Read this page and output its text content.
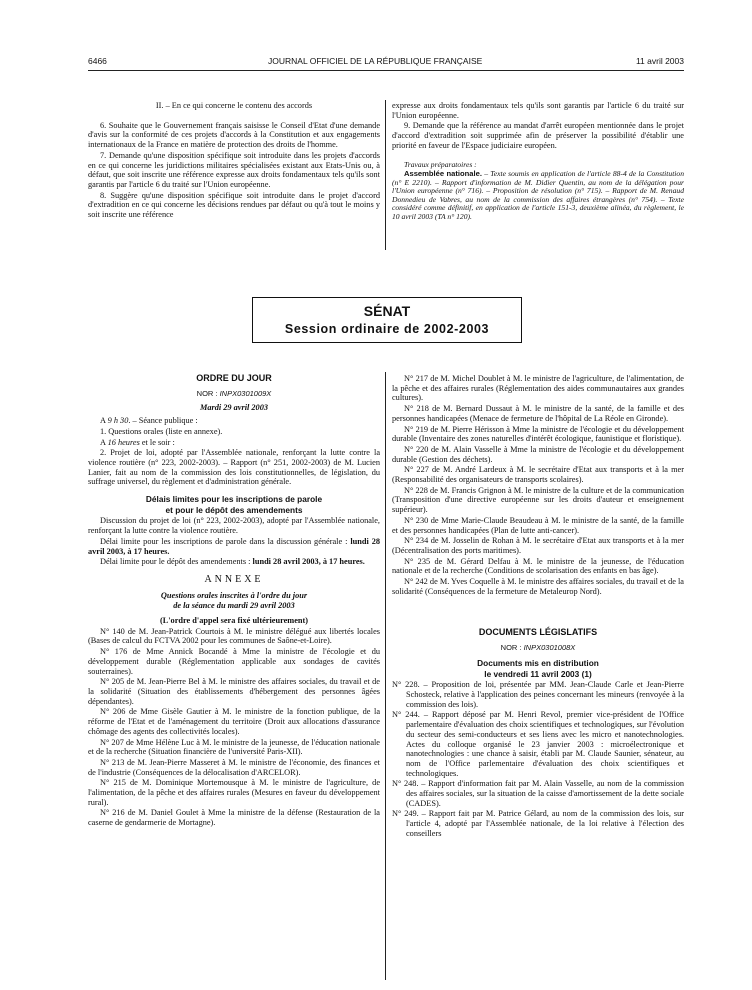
6466	JOURNAL OFFICIEL DE LA RÉPUBLIQUE FRANÇAISE	11 avril 2003

II. – En ce qui concerne le contenu des accords

6. Souhaite que le Gouvernement français saisisse le Conseil d'Etat d'une demande d'avis sur la conformité de ces projets d'accords à la Constitution et aux engagements internationaux de la France en matière de protection des droits de l'homme.

7. Demande qu'une disposition spécifique soit introduite dans les projets d'accords en ce qui concerne les juridictions militaires spécialisées existant aux Etats-Unis ou, à défaut, que soit inscrite une référence expresse aux droits fondamentaux tels qu'ils sont garantis par l'article 6 du traité sur l'Union européenne.

8. Suggère qu'une disposition spécifique soit introduite dans le projet d'accord d'extradition en ce qui concerne les décisions rendues par défaut ou qu'à tout le moins y soit inscrite une référence

expresse aux droits fondamentaux tels qu'ils sont garantis par l'article 6 du traité sur l'Union européenne.

9. Demande que la référence au mandat d'arrêt européen mentionnée dans le projet d'accord d'extradition soit supprimée afin de préserver la possibilité d'établir une priorité en faveur de l'Espace judiciaire européen.

Travaux préparatoires :

Assemblée nationale. – Texte soumis en application de l'article 88-4 de la Constitution (n° E 2210). – Rapport d'information de M. Didier Quentin, au nom de la délégation pour l'Union européenne (n° 716). – Proposition de résolution (n° 715). – Rapport de M. Renaud Donnedieu de Vabres, au nom de la commission des affaires étrangères (n° 754). – Texte considéré comme définitif, en application de l'article 151-3, deuxième alinéa, du règlement, le 10 avril 2003 (TA n° 120).

SÉNAT
Session ordinaire de 2002-2003

ORDRE DU JOUR

NOR : INPX0301009X

Mardi 29 avril 2003

A 9 h 30. – Séance publique :

1. Questions orales (liste en annexe).

A 16 heures et le soir :

2. Projet de loi, adopté par l'Assemblée nationale, renforçant la lutte contre la violence routière (n° 223, 2002-2003). – Rapport (n° 251, 2002-2003) de M. Lucien Lanier, fait au nom de la commission des lois constitutionnelles, de législation, du suffrage universel, du règlement et d'administration générale.

Délais limites pour les inscriptions de parole

et pour le dépôt des amendements

Discussion du projet de loi (n° 223, 2002-2003), adopté par l'Assemblée nationale, renforçant la lutte contre la violence routière.

Délai limite pour les inscriptions de parole dans la discussion générale : lundi 28 avril 2003, à 17 heures.

Délai limite pour le dépôt des amendements : lundi 28 avril 2003, à 17 heures.

ANNEXE

Questions orales inscrites à l'ordre du jour

de la séance du mardi 29 avril 2003

(L'ordre d'appel sera fixé ultérieurement)

N° 140 de M. Jean-Patrick Courtois à M. le ministre délégué aux libertés locales (Bases de calcul du FCTVA 2002 pour les communes de Saône-et-Loire).

N° 176 de Mme Annick Bocandé à Mme la ministre de l'écologie et du développement durable (Réglementation applicable aux sondages de cavités souterraines).

N° 205 de M. Jean-Pierre Bel à M. le ministre des affaires sociales, du travail et de la solidarité (Situation des établissements d'hébergement des personnes âgées dépendantes).

N° 206 de Mme Gisèle Gautier à M. le ministre de la fonction publique, de la réforme de l'Etat et de l'aménagement du territoire (Droit aux allocations d'assurance chômage des agents des collectivités locales).

N° 207 de Mme Hélène Luc à M. le ministre de la jeunesse, de l'éducation nationale et de la recherche (Situation financière de l'université Paris-XII).

N° 213 de M. Jean-Pierre Masseret à M. le ministre de l'économie, des finances et de l'industrie (Conséquences de la délocalisation d'ARCELOR).

N° 215 de M. Dominique Mortemousque à M. le ministre de l'agriculture, de l'alimentation, de la pêche et des affaires rurales (Mesures en faveur du développement rural).

N° 216 de M. Daniel Goulet à Mme la ministre de la défense (Restauration de la caserne de gendarmerie de Mortagne).

N° 217 de M. Michel Doublet à M. le ministre de l'agriculture, de l'alimentation, de la pêche et des affaires rurales (Réglementation des aides communautaires aux grandes cultures).

N° 218 de M. Bernard Dussaut à M. le ministre de la santé, de la famille et des personnes handicapées (Menace de fermeture de l'hôpital de La Réole en Gironde).

N° 219 de M. Pierre Hérisson à Mme la ministre de l'écologie et du développement durable (Inventaire des zones naturelles d'intérêt écologique, faunistique et floristique).

N° 220 de M. Alain Vasselle à Mme la ministre de l'écologie et du développement durable (Gestion des déchets).

N° 227 de M. André Lardeux à M. le secrétaire d'Etat aux transports et à la mer (Responsabilité des organisateurs de transports scolaires).

N° 228 de M. Francis Grignon à M. le ministre de la culture et de la communication (Transposition d'une directive européenne sur les droits d'auteur et enseignement supérieur).

N° 230 de Mme Marie-Claude Beaudeau à M. le ministre de la santé, de la famille et des personnes handicapées (Plan de lutte anti-cancer).

N° 234 de M. Josselin de Rohan à M. le secrétaire d'Etat aux transports et à la mer (Décentralisation des ports maritimes).

N° 235 de M. Gérard Delfau à M. le ministre de la jeunesse, de l'éducation nationale et de la recherche (Conditions de scolarisation des enfants en bas âge).

N° 242 de M. Yves Coquelle à M. le ministre des affaires sociales, du travail et de la solidarité (Conséquences de la fermeture de Metaleurop Nord).

DOCUMENTS LÉGISLATIFS

NOR : INPX0301008X

Documents mis en distribution

le vendredi 11 avril 2003 (1)

N° 228. – Proposition de loi, présentée par MM. Jean-Claude Carle et Jean-Pierre Schosteck, relative à l'application des peines concernant les mineurs (renvoyée à la commission des lois).

N° 244. – Rapport déposé par M. Henri Revol, premier vice-président de l'Office parlementaire d'évaluation des choix scientifiques et technologiques, sur l'évolution du secteur des semi-conducteurs et ses liens avec les micro et nanotechnologies. Actes du colloque organisé le 23 janvier 2003 : microélectronique et nanotechnologies : une chance à saisir, établi par M. Claude Saunier, sénateur, au nom de l'Office parlementaire d'évaluation des choix scientifiques et technologiques.

N° 248. – Rapport d'information fait par M. Alain Vasselle, au nom de la commission des affaires sociales, sur la situation de la caisse d'amortissement de la dette sociale (CADES).

N° 249. – Rapport fait par M. Patrice Gélard, au nom de la commission des lois, sur l'article 4, adopté par l'Assemblée nationale, de la loi relative à l'élection des conseillers
